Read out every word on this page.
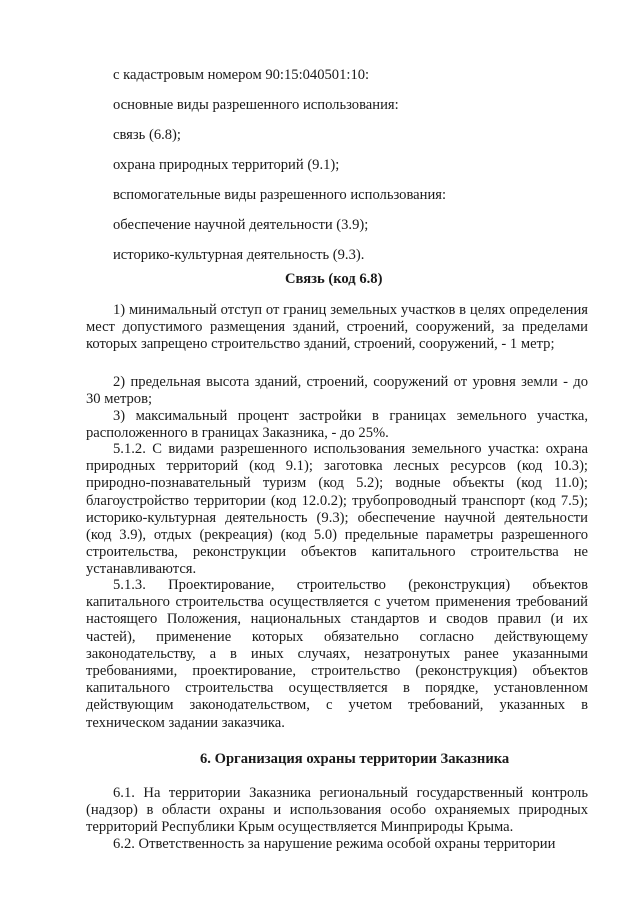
с кадастровым номером 90:15:040501:10:
основные виды разрешенного использования:
связь (6.8);
охрана природных территорий (9.1);
вспомогательные виды разрешенного использования:
обеспечение научной деятельности (3.9);
историко-культурная деятельность (9.3).
Связь (код 6.8)
1) минимальный отступ от границ земельных участков в целях определения мест допустимого размещения зданий, строений, сооружений, за пределами которых запрещено строительство зданий, строений, сооружений, - 1 метр;
2) предельная высота зданий, строений, сооружений от уровня земли - до 30 метров;
3) максимальный процент застройки в границах земельного участка, расположенного в границах Заказника, - до 25%.
5.1.2. С видами разрешенного использования земельного участка: охрана природных территорий (код 9.1); заготовка лесных ресурсов (код 10.3); природно-познавательный туризм (код 5.2); водные объекты (код 11.0); благоустройство территории (код 12.0.2); трубопроводный транспорт (код 7.5); историко-культурная деятельность (9.3); обеспечение научной деятельности (код 3.9), отдых (рекреация) (код 5.0) предельные параметры разрешенного строительства, реконструкции объектов капитального строительства не устанавливаются.
5.1.3. Проектирование, строительство (реконструкция) объектов капитального строительства осуществляется с учетом применения требований настоящего Положения, национальных стандартов и сводов правил (и их частей), применение которых обязательно согласно действующему законодательству, а в иных случаях, незатронутых ранее указанными требованиями, проектирование, строительство (реконструкция) объектов капитального строительства осуществляется в порядке, установленном действующим законодательством, с учетом требований, указанных в техническом задании заказчика.
6. Организация охраны территории Заказника
6.1. На территории Заказника региональный государственный контроль (надзор) в области охраны и использования особо охраняемых природных территорий Республики Крым осуществляется Минприроды Крыма.
6.2. Ответственность за нарушение режима особой охраны территории
